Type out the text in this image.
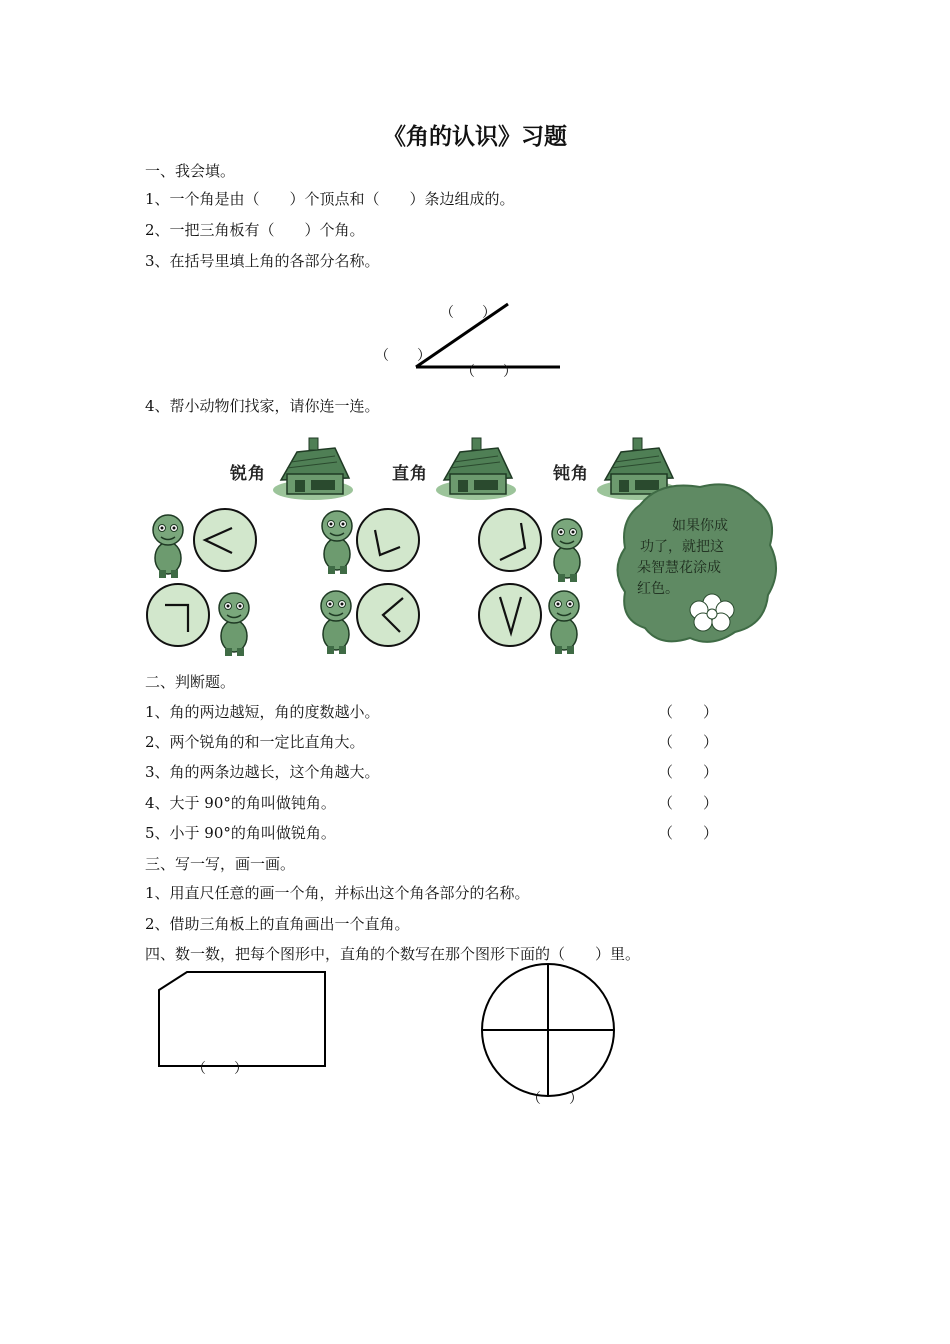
《角的认识》习题
一、我会填。
1、一个角是由（　　）个顶点和（　　）条边组成的。
2、一把三角板有（　　）个角。
3、在括号里填上角的各部分名称。
（　　）
（　　）
（　　）
4、帮小动物们找家，请你连一连。
锐角	直角	钝角
如果你成
功了，就把这
朵智慧花涂成
红色。
二、判断题。
1、角的两边越短，角的度数越小。
2、两个锐角的和一定比直角大。
3、角的两条边越长，这个角越大。
4、大于 90°的角叫做钝角。
5、小于 90°的角叫做锐角。
（　　）
（　　）
（　　）
（　　）
（　　）
三、写一写，画一画。
1、用直尺任意的画一个角，并标出这个角各部分的名称。
2、借助三角板上的直角画出一个直角。
四、数一数，把每个图形中，直角的个数写在那个图形下面的（　　）里。
（　　）
（　　）
